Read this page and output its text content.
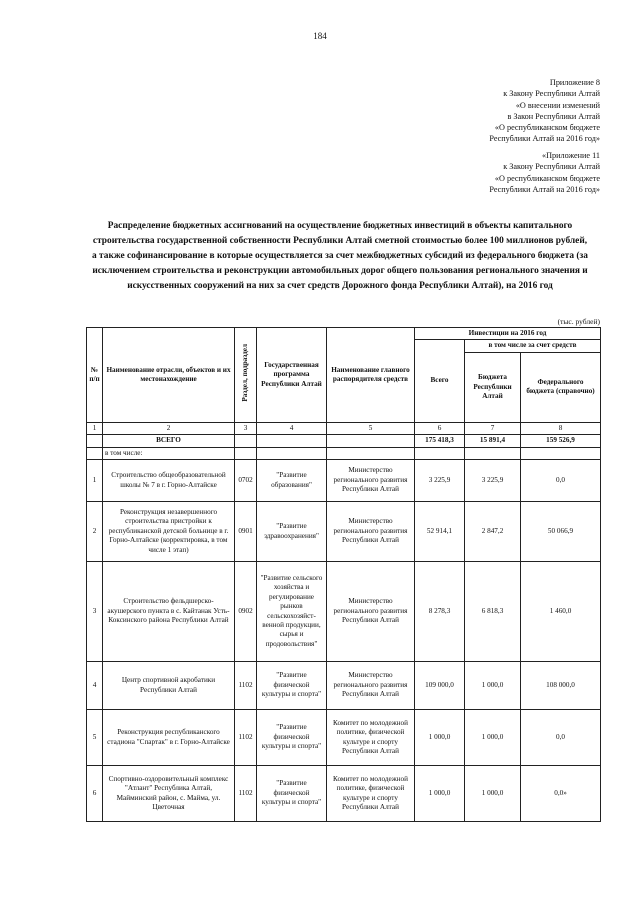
184
Приложение 8
к Закону Республики Алтай
«О внесении изменений
в Закон Республики Алтай
«О республиканском бюджете
Республики Алтай на 2016 год»
«Приложение 11
к Закону Республики Алтай
«О республиканском бюджете
Республики Алтай на 2016 год»
Распределение бюджетных ассигнований на осуществление бюджетных инвестиций в объекты капитального строительства государственной собственности Республики Алтай сметной стоимостью более 100 миллионов рублей, а также софинансирование в которые осуществляется за счет межбюджетных субсидий из федерального бюджета (за исключением строительства и реконструкции автомобильных дорог общего пользования регионального значения и искусственных сооружений на них за счет средств Дорожного фонда Республики Алтай), на 2016 год
(тыс. рублей)
№ п/п	Наименование отрасли, объектов и их местонахождение	Раздел, подраздел	Государственная программа Республики Алтай	Наименование главного распорядителя средств	Инвестиции на 2016 год		
					Всего	в том числе за счет средств	
						Бюджета Республики Алтай	Федерального бюджета (справочно)
1	2	3	4	5	6	7	8
	ВСЕГО				175 418,3	15 891,4	159 526,9
	в том числе:						
1	Строительство общеобразовательной школы № 7 в г. Горно-Алтайске	0702	"Развитие образования"	Министерство регионального развития Республики Алтай	3 225,9	3 225,9	0,0
2	Реконструкция незавершенного строительства пристройки к республиканской детской больнице в г. Горно-Алтайске (корректировка, в том числе 1 этап)	0901	"Развитие здравоохранения"	Министерство регионального развития Республики Алтай	52 914,1	2 847,2	50 066,9
3	Строительство фельдшерско-акушерского пункта в с. Кайтанак Усть-Коксинского района Республики Алтай	0902	"Развитие сельского хозяйства и регулирование рынков сельскохозяйст-венной продукции, сырья и продовольствия"	Министерство регионального развития Республики Алтай	8 278,3	6 818,3	1 460,0
4	Центр спортивной акробатики Республики Алтай	1102	"Развитие физической культуры и спорта"	Министерство регионального развития Республики Алтай	109 000,0	1 000,0	108 000,0
5	Реконструкция республиканского стадиона "Спартак" в г. Горно-Алтайске	1102	"Развитие физической культуры и спорта"	Комитет по молодежной политике, физической культуре и спорту Республики Алтай	1 000,0	1 000,0	0,0
6	Спортивно-оздоровительный комплекс "Атлант" Республика Алтай, Майминский район, с. Майма, ул. Цветочная	1102	"Развитие физической культуры и спорта"	Комитет по молодежной политике, физической культуре и спорту Республики Алтай	1 000,0	1 000,0	0,0»
